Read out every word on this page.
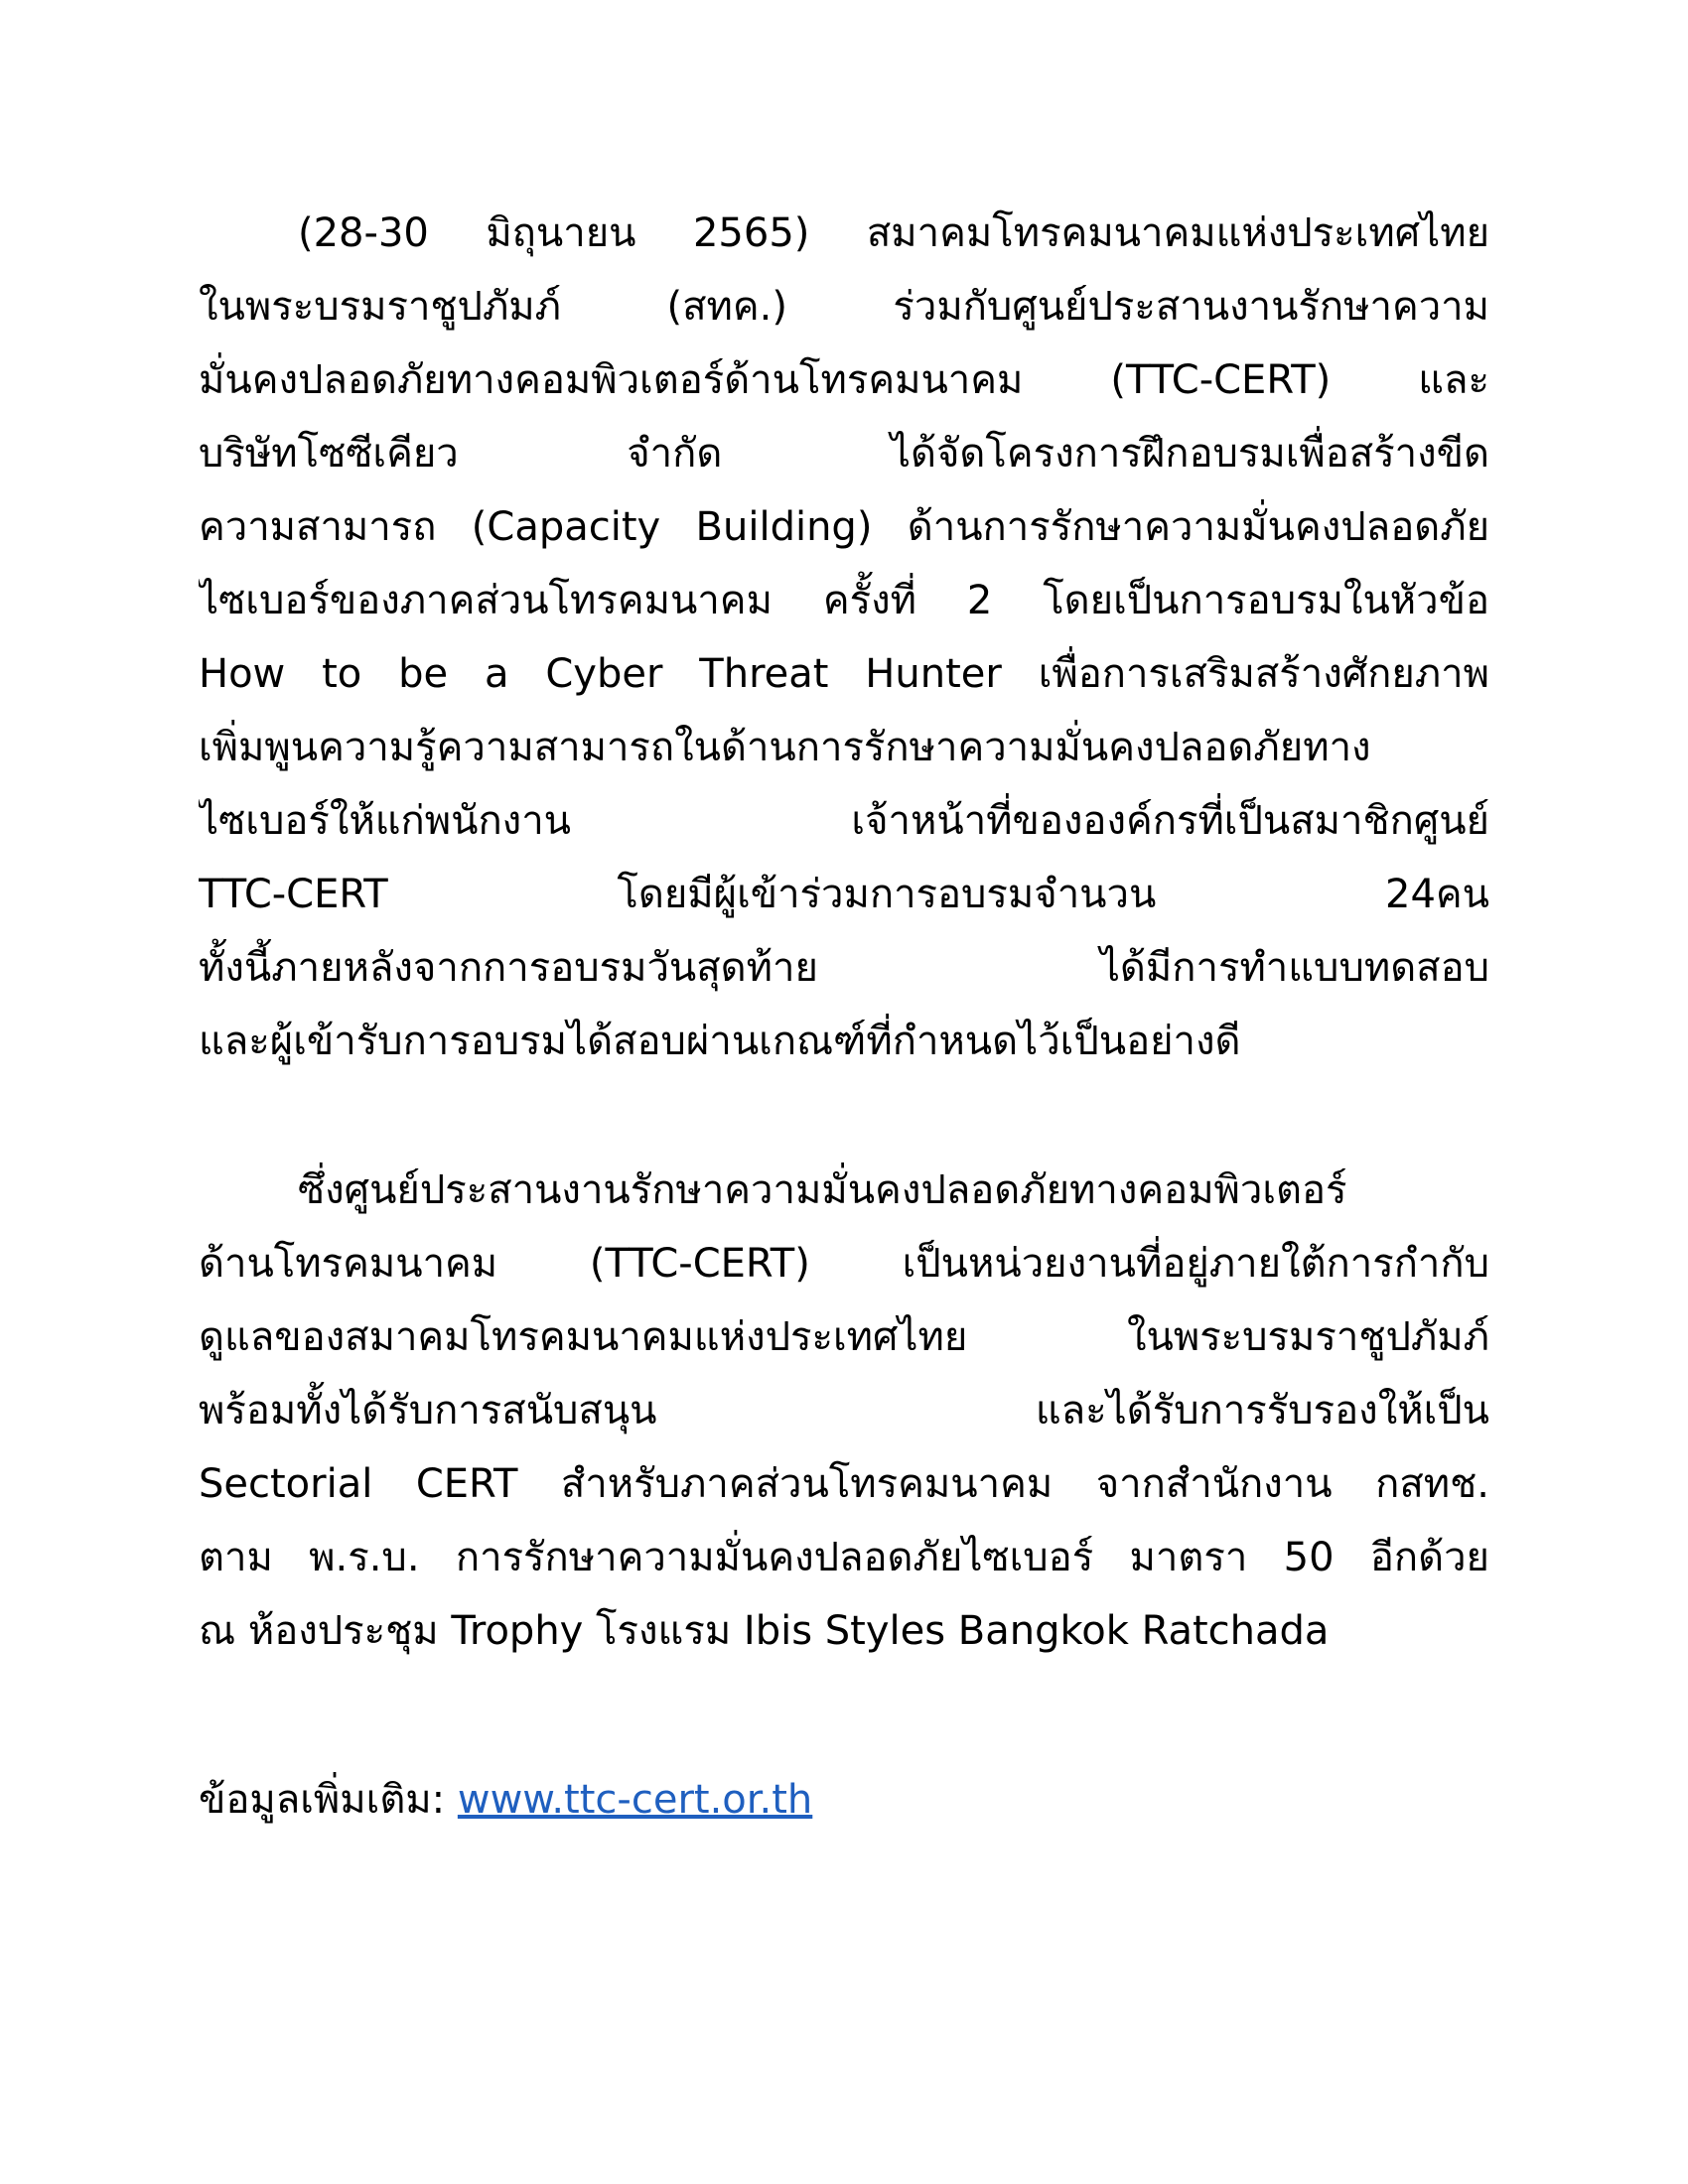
(28-30 มิถุนายน 2565) สมาคมโทรคมนาคมแห่งประเทศไทย
ในพระบรมราชูปภัมภ์ (สทค.) ร่วมกับศูนย์ประสานงานรักษาความ
มั่นคงปลอดภัยทางคอมพิวเตอร์ด้านโทรคมนาคม (TTC-CERT) และ
บริษัทโซซีเคียว จำกัด ได้จัดโครงการฝึกอบรมเพื่อสร้างขีด
ความสามารถ (Capacity Building) ด้านการรักษาความมั่นคงปลอดภัย
ไซเบอร์ของภาคส่วนโทรคมนาคม ครั้งที่ 2 โดยเป็นการอบรมในหัวข้อ
How to be a Cyber Threat Hunter เพื่อการเสริมสร้างศักยภาพ
เพิ่มพูนความรู้ความสามารถในด้านการรักษาความมั่นคงปลอดภัยทาง
ไซเบอร์ให้แก่พนักงาน เจ้าหน้าที่ขององค์กรที่เป็นสมาชิกศูนย์
TTC-CERT โดยมีผู้เข้าร่วมการอบรมจำนวน 24คน
ทั้งนี้ภายหลังจากการอบรมวันสุดท้าย ได้มีการทำแบบทดสอบ
และผู้เข้ารับการอบรมได้สอบผ่านเกณฑ์ที่กำหนดไว้เป็นอย่างดี
ซึ่งศูนย์ประสานงานรักษาความมั่นคงปลอดภัยทางคอมพิวเตอร์
ด้านโทรคมนาคม (TTC-CERT) เป็นหน่วยงานที่อยู่ภายใต้การกำกับ
ดูแลของสมาคมโทรคมนาคมแห่งประเทศไทย ในพระบรมราชูปภัมภ์
พร้อมทั้งได้รับการสนับสนุน และได้รับการรับรองให้เป็น
Sectorial CERT สำหรับภาคส่วนโทรคมนาคม จากสำนักงาน กสทช.
ตาม พ.ร.บ. การรักษาความมั่นคงปลอดภัยไซเบอร์ มาตรา 50 อีกด้วย
ณ ห้องประชุม Trophy โรงแรม Ibis Styles Bangkok Ratchada
ข้อมูลเพิ่มเติม: www.ttc-cert.or.th
